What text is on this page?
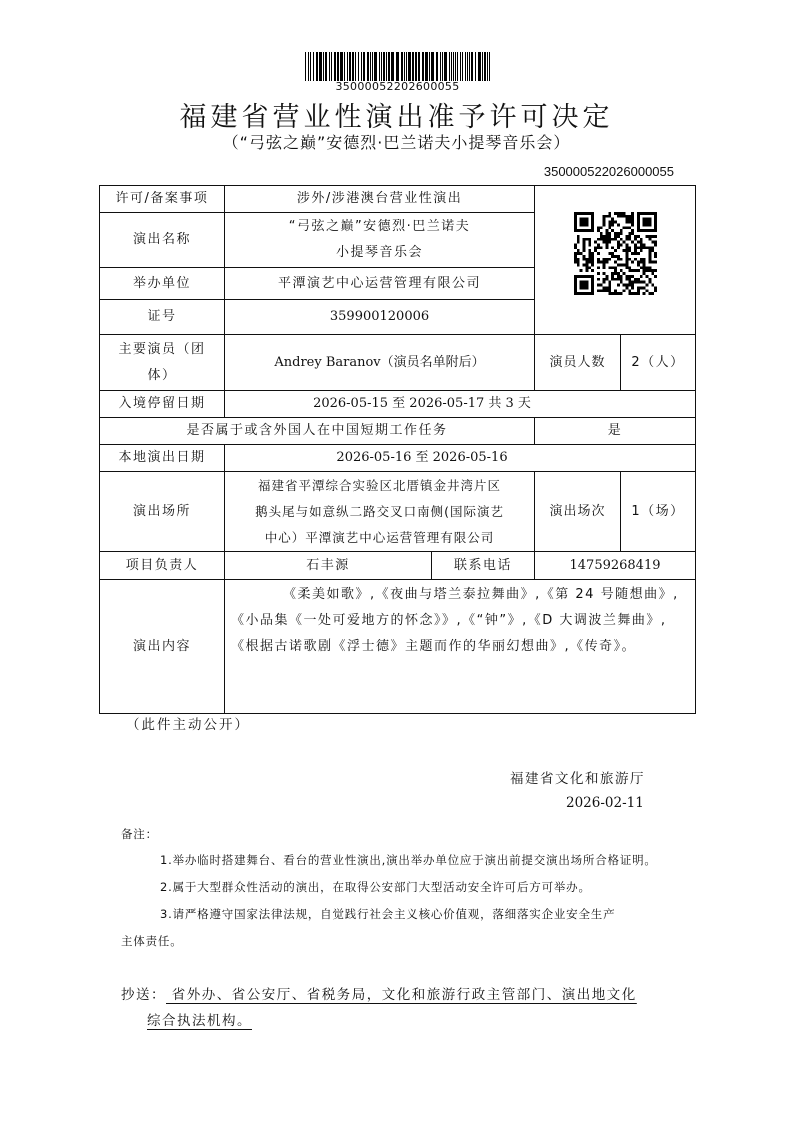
35000052202600055
福建省营业性演出准予许可决定
（“弓弦之巅”安德烈·巴兰诺夫小提琴音乐会）
350000522026000055
许可/备案事项	涉外/涉港澳台营业性演出	
演出名称	“弓弦之巅”安德烈·巴兰诺夫
小提琴音乐会			

举办单位	平潭演艺中心运营管理有限公司			
证号	359900120006			
主要演员（团体）	Andrey Baranov（演员名单附后）		演员人数	2（人）
入境停留日期	2026-05-15 至 2026-05-17 共 3 天			
是否属于或含外国人在中国短期工作任务			是	
本地演出日期	2026-05-16 至 2026-05-16			
演出场所	福建省平潭综合实验区北厝镇金井湾片区
鹅头尾与如意纵二路交叉口南侧(国际演艺
中心）平潭演艺中心运营管理有限公司		演出场次	1（场）
项目负责人	石丰源	联系电话	14759268419	
演出内容	《柔美如歌》,《夜曲与塔兰泰拉舞曲》,《第 24 号随想曲》,《小品集《一处可爱地方的怀念》》,《“钟”》,《D 大调波兰舞曲》,《根据古诺歌剧《浮士德》主题而作的华丽幻想曲》,《传奇》。			
（此件主动公开）
福建省文化和旅游厅
2026-02-11
备注：
1.举办临时搭建舞台、看台的营业性演出,演出举办单位应于演出前提交演出场所合格证明。
2.属于大型群众性活动的演出，在取得公安部门大型活动安全许可后方可举办。
3.请严格遵守国家法律法规，自觉践行社会主义核心价值观，落细落实企业安全生产
主体责任。
抄送： 省外办、省公安厅、省税务局，文化和旅游行政主管部门、演出地文化
综合执法机构。
